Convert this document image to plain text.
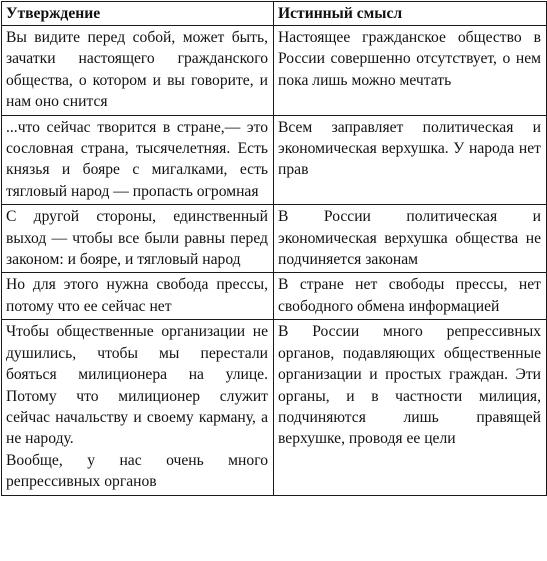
Утверждение	Истинный смысл

Вы видите перед собой, может быть, зачатки настоящего гражданского общества, о котором и вы говорите, и нам оно снится	Настоящее гражданское общество в России совершенно отсутствует, о нем пока лишь можно мечтать

...что сейчас творится в стране,— это сословная страна, тысячелетняя. Есть князья и бояре с мигалками, есть тягловый народ — пропасть огромная	Всем заправляет политическая и экономическая верхушка. У народа нет прав

С другой стороны, единственный выход — чтобы все были равны перед законом: и бояре, и тягловый народ	В России политическая и экономическая верхушка общества не подчиняется законам

Но для этого нужна свобода прессы, потому что ее сейчас нет	В стране нет свободы прессы, нет свободного обмена информацией

Чтобы общественные организации не душились, чтобы мы перестали бояться милиционера на улице. Потому что милиционер служит сейчас начальству и своему карману, а не народу.
Вообще, у нас очень много репрессивных органов	В России много репрессивных органов, подавляющих общественные организации и простых граждан. Эти органы, и в частности милиция, подчиняются лишь правящей верхушке, проводя ее цели
